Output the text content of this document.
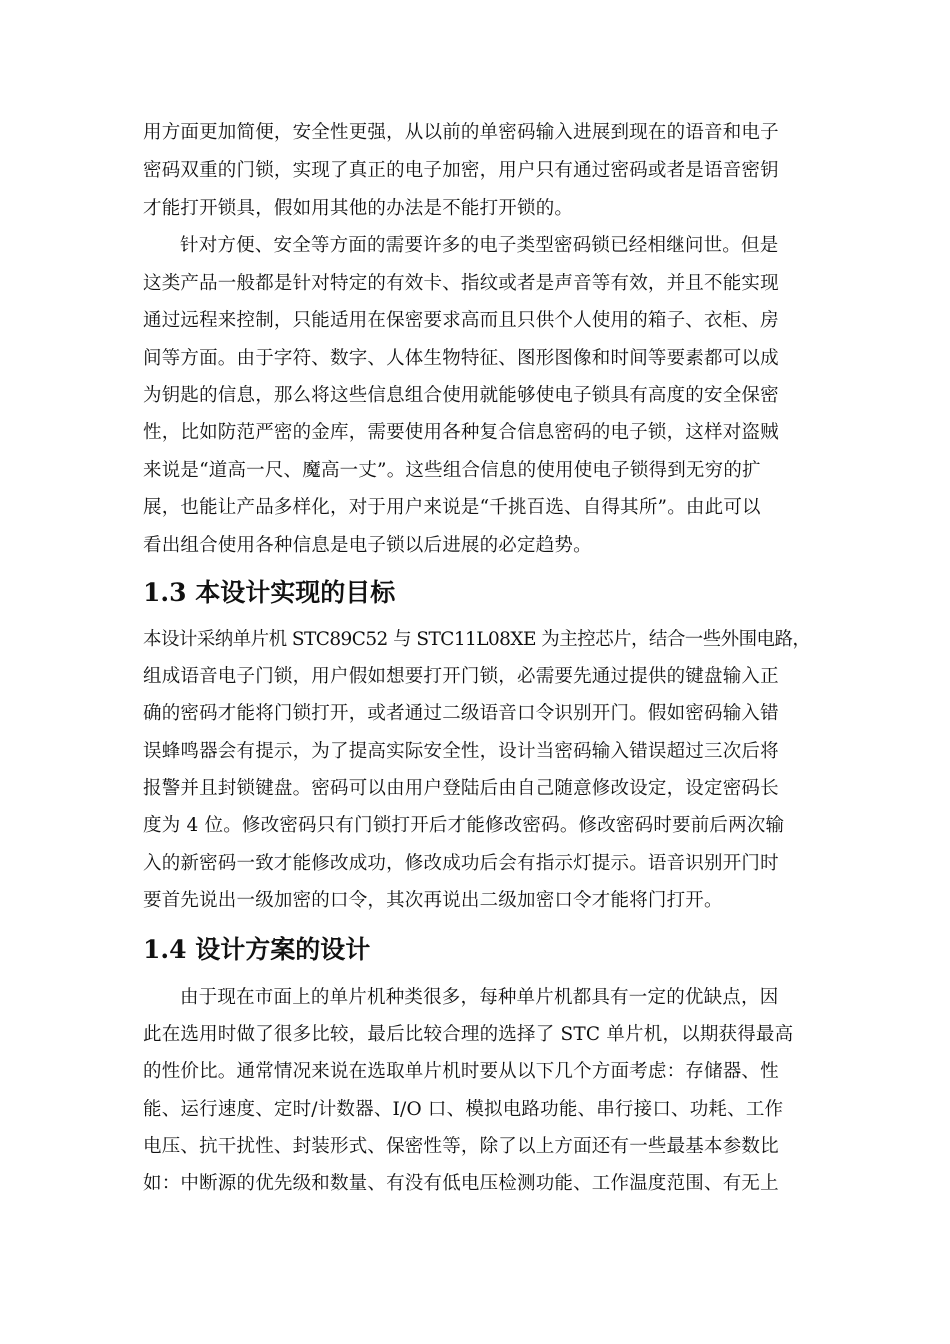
用方面更加简便，安全性更强，从以前的单密码输入进展到现在的语音和电子
密码双重的门锁，实现了真正的电子加密，用户只有通过密码或者是语音密钥
才能打开锁具，假如用其他的办法是不能打开锁的。
针对方便、安全等方面的需要许多的电子类型密码锁已经相继问世。但是
这类产品一般都是针对特定的有效卡、指纹或者是声音等有效，并且不能实现
通过远程来控制，只能适用在保密要求高而且只供个人使用的箱子、衣柜、房
间等方面。由于字符、数字、人体生物特征、图形图像和时间等要素都可以成
为钥匙的信息，那么将这些信息组合使用就能够使电子锁具有高度的安全保密
性，比如防范严密的金库，需要使用各种复合信息密码的电子锁，这样对盗贼
来说是“道高一尺、魔高一丈”。这些组合信息的使用使电子锁得到无穷的扩
展，也能让产品多样化，对于用户来说是“千挑百选、自得其所”。由此可以
看出组合使用各种信息是电子锁以后进展的必定趋势。
1.3 本设计实现的目标
本设计采纳单片机 STC89C52 与 STC11L08XE 为主控芯片，结合一些外围电路，
组成语音电子门锁，用户假如想要打开门锁，必需要先通过提供的键盘输入正
确的密码才能将门锁打开，或者通过二级语音口令识别开门。假如密码输入错
误蜂鸣器会有提示，为了提高实际安全性，设计当密码输入错误超过三次后将
报警并且封锁键盘。密码可以由用户登陆后由自己随意修改设定，设定密码长
度为 4 位。修改密码只有门锁打开后才能修改密码。修改密码时要前后两次输
入的新密码一致才能修改成功，修改成功后会有指示灯提示。语音识别开门时
要首先说出一级加密的口令，其次再说出二级加密口令才能将门打开。
1.4 设计方案的设计
由于现在市面上的单片机种类很多，每种单片机都具有一定的优缺点，因
此在选用时做了很多比较，最后比较合理的选择了 STC 单片机，以期获得最高
的性价比。通常情况来说在选取单片机时要从以下几个方面考虑：存储器、性
能、运行速度、定时/计数器、I/O 口、模拟电路功能、串行接口、功耗、工作
电压、抗干扰性、封装形式、保密性等，除了以上方面还有一些最基本参数比
如：中断源的优先级和数量、有没有低电压检测功能、工作温度范围、有无上
